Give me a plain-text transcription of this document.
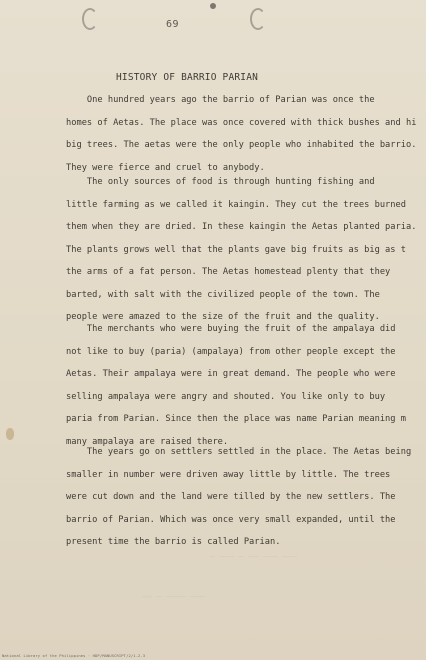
69
HISTORY OF BARRIO PARIAN
One hundred years ago the barrio of Parian was once the
homes of Aetas. The place was once covered with thick bushes and hi
big trees. The aetas were the only people who inhabited the barrio.
They were fierce and cruel to anybody.
The only sources of food is through hunting fishing and
little farming as we called it kaingin. They cut the trees burned
them when they are dried. In these kaingin the Aetas planted paria.
The plants grows well that the plants gave big fruits as big as t
the arms of a fat person. The Aetas homestead plenty that they
barted, with salt with the civilized people of the town. The
people were amazed to the size of the fruit and the quality.
The merchants who were buying the fruit of the ampalaya did
not like to buy (paria) (ampalaya) from other people except the
Aetas. Their ampalaya were in great demand. The people who were
selling ampalaya were angry and shouted. You like only to buy
paria from Parian. Since then the place was name Parian meaning m
many ampalaya are raised there.
The years go on settlers settled in the place. The Aetas being
smaller in number were driven away little by little. The trees
were cut down and the land were tilled by the new settlers. The
barrio of Parian. Which was once very small expanded, until the
present time the barrio is called Parian.
— ——— — —— ——— ———
—— — ———— ———
National Library of the Philippines · HDP/MANUSCRIPT/2/1-2-3
